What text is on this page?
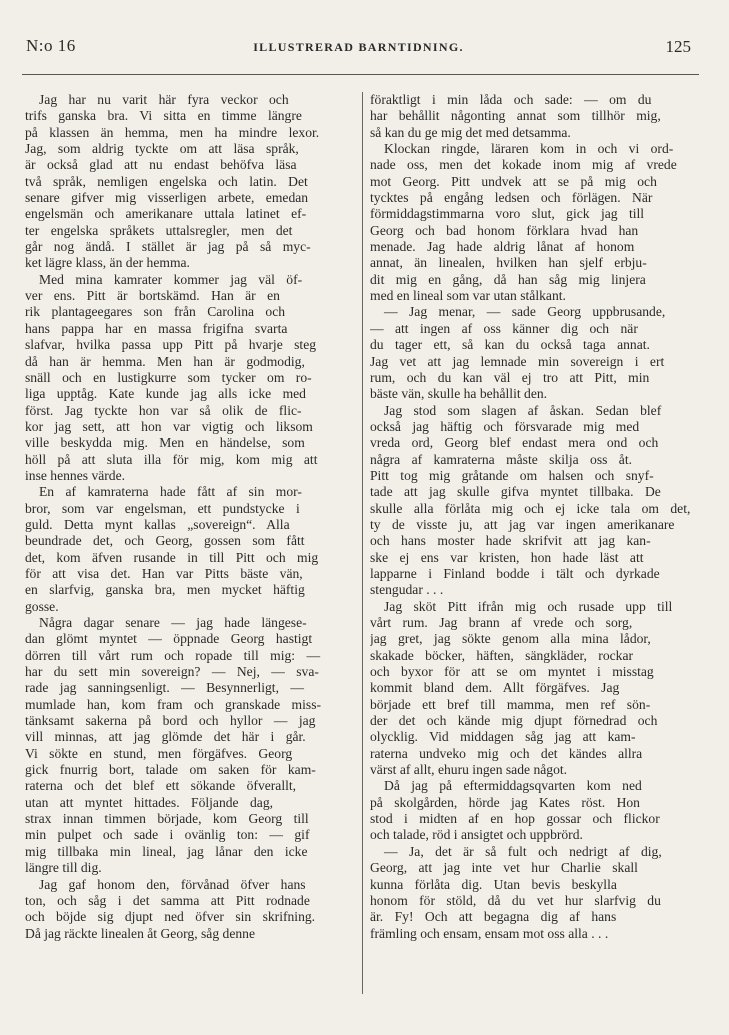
N:o 16	ILLUSTRERAD BARNTIDNING.	125
Jag har nu varit här fyra veckor och
trifs ganska bra. Vi sitta en timme längre
på klassen än hemma, men ha mindre lexor.
Jag, som aldrig tyckte om att läsa språk,
är också glad att nu endast behöfva läsa
två språk, nemligen engelska och latin. Det
senare gifver mig visserligen arbete, emedan
engelsmän och amerikanare uttala latinet ef-
ter engelska språkets uttalsregler, men det
går nog ändå. I stället är jag på så myc-
ket lägre klass, än der hemma.
Med mina kamrater kommer jag väl öf-
ver ens. Pitt är bortskämd. Han är en
rik plantageegares son från Carolina och
hans pappa har en massa frigifna svarta
slafvar, hvilka passa upp Pitt på hvarje steg
då han är hemma. Men han är godmodig,
snäll och en lustigkurre som tycker om ro-
liga upptåg. Kate kunde jag alls icke med
först. Jag tyckte hon var så olik de flic-
kor jag sett, att hon var vigtig och liksom
ville beskydda mig. Men en händelse, som
höll på att sluta illa för mig, kom mig att
inse hennes värde.
En af kamraterna hade fått af sin mor-
bror, som var engelsman, ett pundstycke i
guld. Detta mynt kallas „sovereign“. Alla
beundrade det, och Georg, gossen som fått
det, kom äfven rusande in till Pitt och mig
för att visa det. Han var Pitts bäste vän,
en slarfvig, ganska bra, men mycket häftig
gosse.
Några dagar senare — jag hade längese-
dan glömt myntet — öppnade Georg hastigt
dörren till vårt rum och ropade till mig: —
har du sett min sovereign? — Nej, — sva-
rade jag sanningsenligt. — Besynnerligt, —
mumlade han, kom fram och granskade miss-
tänksamt sakerna på bord och hyllor — jag
vill minnas, att jag glömde det här i går.
Vi sökte en stund, men förgäfves. Georg
gick fnurrig bort, talade om saken för kam-
raterna och det blef ett sökande öfverallt,
utan att myntet hittades. Följande dag,
strax innan timmen började, kom Georg till
min pulpet och sade i ovänlig ton: — gif
mig tillbaka min lineal, jag lånar den icke
längre till dig.
Jag gaf honom den, förvånad öfver hans
ton, och såg i det samma att Pitt rodnade
och böjde sig djupt ned öfver sin skrifning.
Då jag räckte linealen åt Georg, såg denne
föraktligt i min låda och sade: — om du
har behållit någonting annat som tillhör mig,
så kan du ge mig det med detsamma.
Klockan ringde, läraren kom in och vi ord-
nade oss, men det kokade inom mig af vrede
mot Georg. Pitt undvek att se på mig och
tycktes på engång ledsen och förlägen. När
förmiddagstimmarna voro slut, gick jag till
Georg och bad honom förklara hvad han
menade. Jag hade aldrig lånat af honom
annat, än linealen, hvilken han sjelf erbju-
dit mig en gång, då han såg mig linjera
med en lineal som var utan stålkant.
— Jag menar, — sade Georg uppbrusande,
— att ingen af oss känner dig och när
du tager ett, så kan du också taga annat.
Jag vet att jag lemnade min sovereign i ert
rum, och du kan väl ej tro att Pitt, min
bäste vän, skulle ha behållit den.
Jag stod som slagen af åskan. Sedan blef
också jag häftig och försvarade mig med
vreda ord, Georg blef endast mera ond och
några af kamraterna måste skilja oss åt.
Pitt tog mig gråtande om halsen och snyf-
tade att jag skulle gifva myntet tillbaka. De
skulle alla förlåta mig och ej icke tala om det,
ty de visste ju, att jag var ingen amerikanare
och hans moster hade skrifvit att jag kan-
ske ej ens var kristen, hon hade läst att
lapparne i Finland bodde i tält och dyrkade
stengudar . . .
Jag sköt Pitt ifrån mig och rusade upp till
vårt rum. Jag brann af vrede och sorg,
jag gret, jag sökte genom alla mina lådor,
skakade böcker, häften, sängkläder, rockar
och byxor för att se om myntet i misstag
kommit bland dem. Allt förgäfves. Jag
började ett bref till mamma, men ref sön-
der det och kände mig djupt förnedrad och
olycklig. Vid middagen såg jag att kam-
raterna undveko mig och det kändes allra
värst af allt, ehuru ingen sade något.
Då jag på eftermiddagsqvarten kom ned
på skolgården, hörde jag Kates röst. Hon
stod i midten af en hop gossar och flickor
och talade, röd i ansigtet och uppbrörd.
— Ja, det är så fult och nedrigt af dig,
Georg, att jag inte vet hur Charlie skall
kunna förlåta dig. Utan bevis beskylla
honom för stöld, då du vet hur slarfvig du
är. Fy! Och att begagna dig af hans
främling och ensam, ensam mot oss alla . . .
